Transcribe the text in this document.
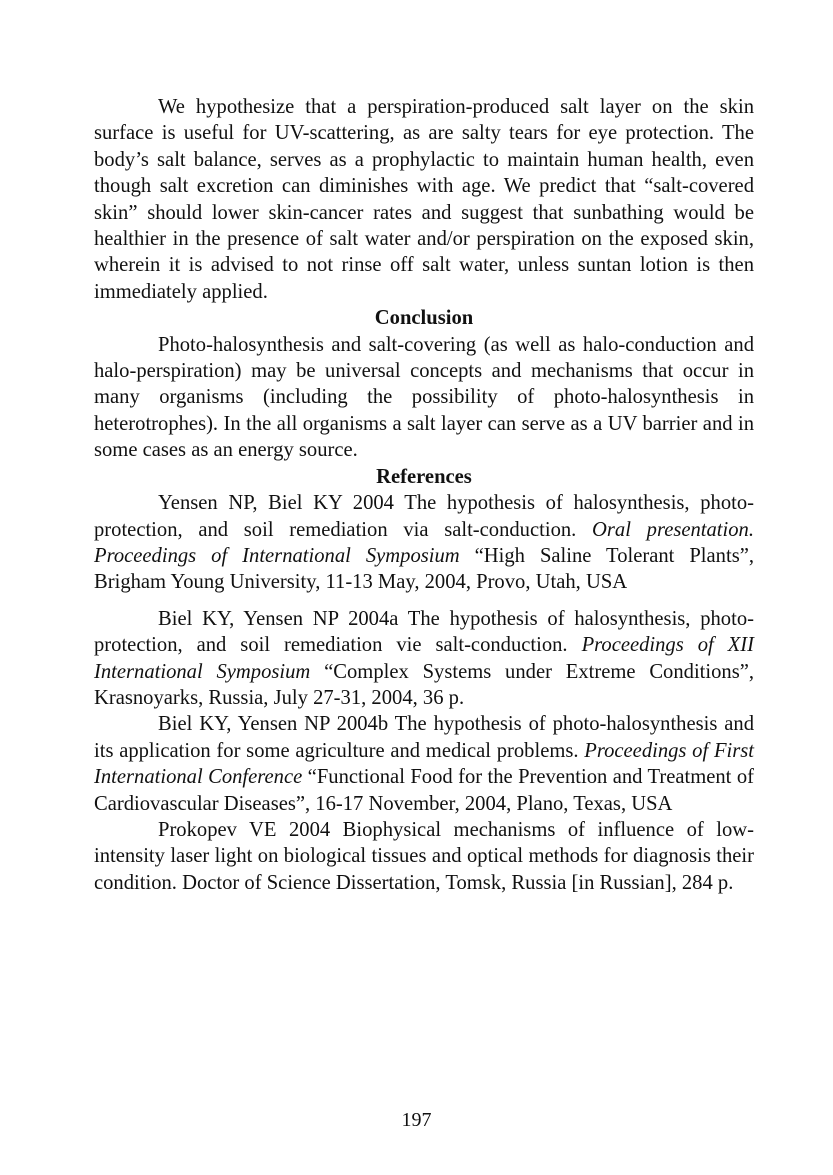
We hypothesize that a perspiration-produced salt layer on the skin surface is useful for UV-scattering, as are salty tears for eye protection. The body’s salt balance, serves as a prophylactic to maintain human health, even though salt excretion can diminishes with age. We predict that “salt-covered skin” should lower skin-cancer rates and suggest that sunbathing would be healthier in the presence of salt water and/or perspiration on the exposed skin, wherein it is advised to not rinse off salt water, unless suntan lotion is then immediately applied.

Conclusion

Photo-halosynthesis and salt-covering (as well as halo-conduction and halo-perspiration) may be universal concepts and mechanisms that occur in many organisms (including the possibility of photo-halosynthesis in heterotrophes). In the all organisms a salt layer can serve as a UV barrier and in some cases as an energy source.

References

Yensen NP, Biel KY 2004 The hypothesis of halosynthesis, photo-protection, and soil remediation via salt-conduction. Oral presentation. Proceedings of International Symposium “High Saline Tolerant Plants”, Brigham Young University, 11-13 May, 2004, Provo, Utah, USA

Biel KY, Yensen NP 2004a The hypothesis of halosynthesis, photo-protection, and soil remediation vie salt-conduction. Proceedings of XII International Symposium “Complex Systems under Extreme Conditions”, Krasnoyarks, Russia, July 27-31, 2004, 36 p.

Biel KY, Yensen NP 2004b The hypothesis of photo-halosynthesis and its application for some agriculture and medical problems. Proceedings of First International Conference “Functional Food for the Prevention and Treatment of Cardiovascular Diseases”, 16-17 November, 2004, Plano, Texas, USA

Prokopev VE 2004 Biophysical mechanisms of influence of low-intensity laser light on biological tissues and optical methods for diagnosis their condition. Doctor of Science Dissertation, Tomsk, Russia [in Russian], 284 p.

197
